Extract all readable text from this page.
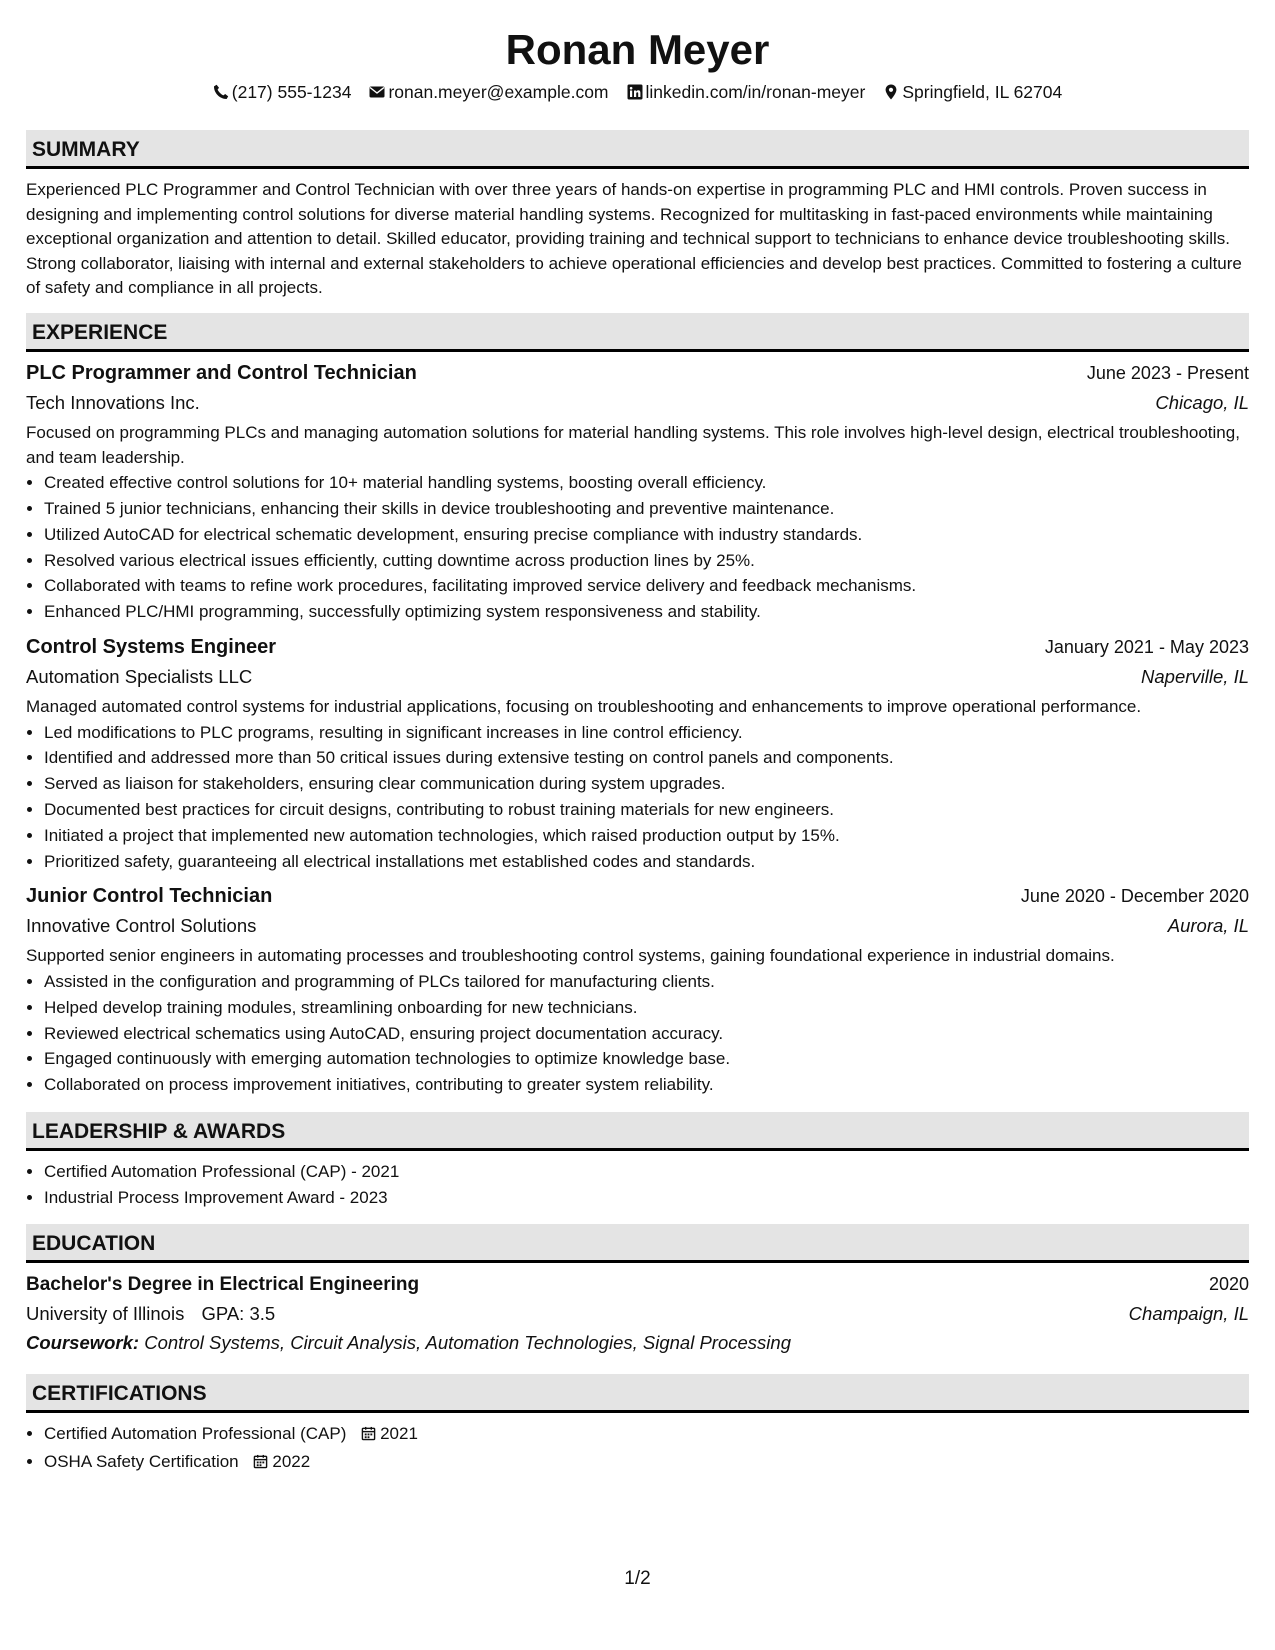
Ronan Meyer
(217) 555-1234 ronan.meyer@example.com linkedin.com/in/ronan-meyer Springfield, IL 62704
SUMMARY
Experienced PLC Programmer and Control Technician with over three years of hands-on expertise in programming PLC and HMI controls. Proven success in designing and implementing control solutions for diverse material handling systems. Recognized for multitasking in fast-paced environments while maintaining exceptional organization and attention to detail. Skilled educator, providing training and technical support to technicians to enhance device troubleshooting skills. Strong collaborator, liaising with internal and external stakeholders to achieve operational efficiencies and develop best practices. Committed to fostering a culture of safety and compliance in all projects.
EXPERIENCE
PLC Programmer and Control Technician	June 2023 - Present
Tech Innovations Inc.	Chicago, IL
Focused on programming PLCs and managing automation solutions for material handling systems. This role involves high-level design, electrical troubleshooting, and team leadership.
• Created effective control solutions for 10+ material handling systems, boosting overall efficiency.
• Trained 5 junior technicians, enhancing their skills in device troubleshooting and preventive maintenance.
• Utilized AutoCAD for electrical schematic development, ensuring precise compliance with industry standards.
• Resolved various electrical issues efficiently, cutting downtime across production lines by 25%.
• Collaborated with teams to refine work procedures, facilitating improved service delivery and feedback mechanisms.
• Enhanced PLC/HMI programming, successfully optimizing system responsiveness and stability.
Control Systems Engineer	January 2021 - May 2023
Automation Specialists LLC	Naperville, IL
Managed automated control systems for industrial applications, focusing on troubleshooting and enhancements to improve operational performance.
• Led modifications to PLC programs, resulting in significant increases in line control efficiency.
• Identified and addressed more than 50 critical issues during extensive testing on control panels and components.
• Served as liaison for stakeholders, ensuring clear communication during system upgrades.
• Documented best practices for circuit designs, contributing to robust training materials for new engineers.
• Initiated a project that implemented new automation technologies, which raised production output by 15%.
• Prioritized safety, guaranteeing all electrical installations met established codes and standards.
Junior Control Technician	June 2020 - December 2020
Innovative Control Solutions	Aurora, IL
Supported senior engineers in automating processes and troubleshooting control systems, gaining foundational experience in industrial domains.
• Assisted in the configuration and programming of PLCs tailored for manufacturing clients.
• Helped develop training modules, streamlining onboarding for new technicians.
• Reviewed electrical schematics using AutoCAD, ensuring project documentation accuracy.
• Engaged continuously with emerging automation technologies to optimize knowledge base.
• Collaborated on process improvement initiatives, contributing to greater system reliability.
LEADERSHIP & AWARDS
• Certified Automation Professional (CAP) - 2021
• Industrial Process Improvement Award - 2023
EDUCATION
Bachelor's Degree in Electrical Engineering	2020
University of Illinois GPA: 3.5	Champaign, IL
Coursework: Control Systems, Circuit Analysis, Automation Technologies, Signal Processing
CERTIFICATIONS
• Certified Automation Professional (CAP) 2021
• OSHA Safety Certification 2022
1/2
